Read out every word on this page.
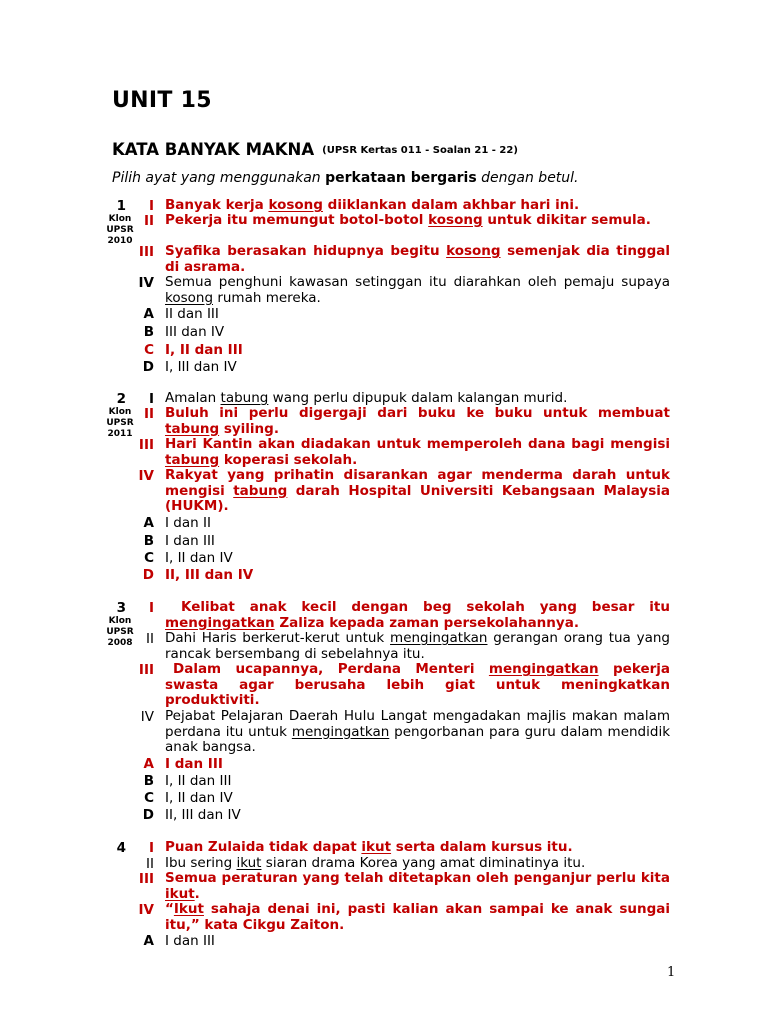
UNIT 15
KATA BANYAK MAKNA (UPSR Kertas 011 - Soalan 21 - 22)
Pilih ayat yang menggunakan perkataan bergaris dengan betul.
1
Klon
UPSR
2010
I Banyak kerja kosong diiklankan dalam akhbar hari ini.
II Pekerja itu memungut botol-botol kosong untuk dikitar semula.
III Syafika berasakan hidupnya begitu kosong semenjak dia tinggal di asrama.
IV Semua penghuni kawasan setinggan itu diarahkan oleh pemaju supaya kosong rumah mereka.
A II dan III
B III dan IV
C I, II dan III
D I, III dan IV
2
Klon
UPSR
2011
I Amalan tabung wang perlu dipupuk dalam kalangan murid.
II Buluh ini perlu digergaji dari buku ke buku untuk membuat tabung syiling.
III Hari Kantin akan diadakan untuk memperoleh dana bagi mengisi tabung koperasi sekolah.
IV Rakyat yang prihatin disarankan agar menderma darah untuk mengisi tabung darah Hospital Universiti Kebangsaan Malaysia (HUKM).
A I dan II
B I dan III
C I, II dan IV
D II, III dan IV
3
Klon
UPSR
2008
I	Kelibat anak kecil dengan beg sekolah yang besar itu mengingatkan Zaliza kepada zaman persekolahannya.
II Dahi Haris berkerut-kerut untuk mengingatkan gerangan orang tua yang rancak bersembang di sebelahnya itu.
III	Dalam ucapannya, Perdana Menteri mengingatkan pekerja swasta agar berusaha lebih giat untuk meningkatkan produktiviti.
IV Pejabat Pelajaran Daerah Hulu Langat mengadakan majlis makan malam perdana itu untuk mengingatkan pengorbanan para guru dalam mendidik anak bangsa.
A I dan III
B I, II dan III
C I, II dan IV
D II, III dan IV
4	I Puan Zulaida tidak dapat ikut serta dalam kursus itu.
II Ibu sering ikut siaran drama Korea yang amat diminatinya itu.
III Semua peraturan yang telah ditetapkan oleh penganjur perlu kita ikut.
IV “Ikut sahaja denai ini, pasti kalian akan sampai ke anak sungai itu,” kata Cikgu Zaiton.
A I dan III
1
